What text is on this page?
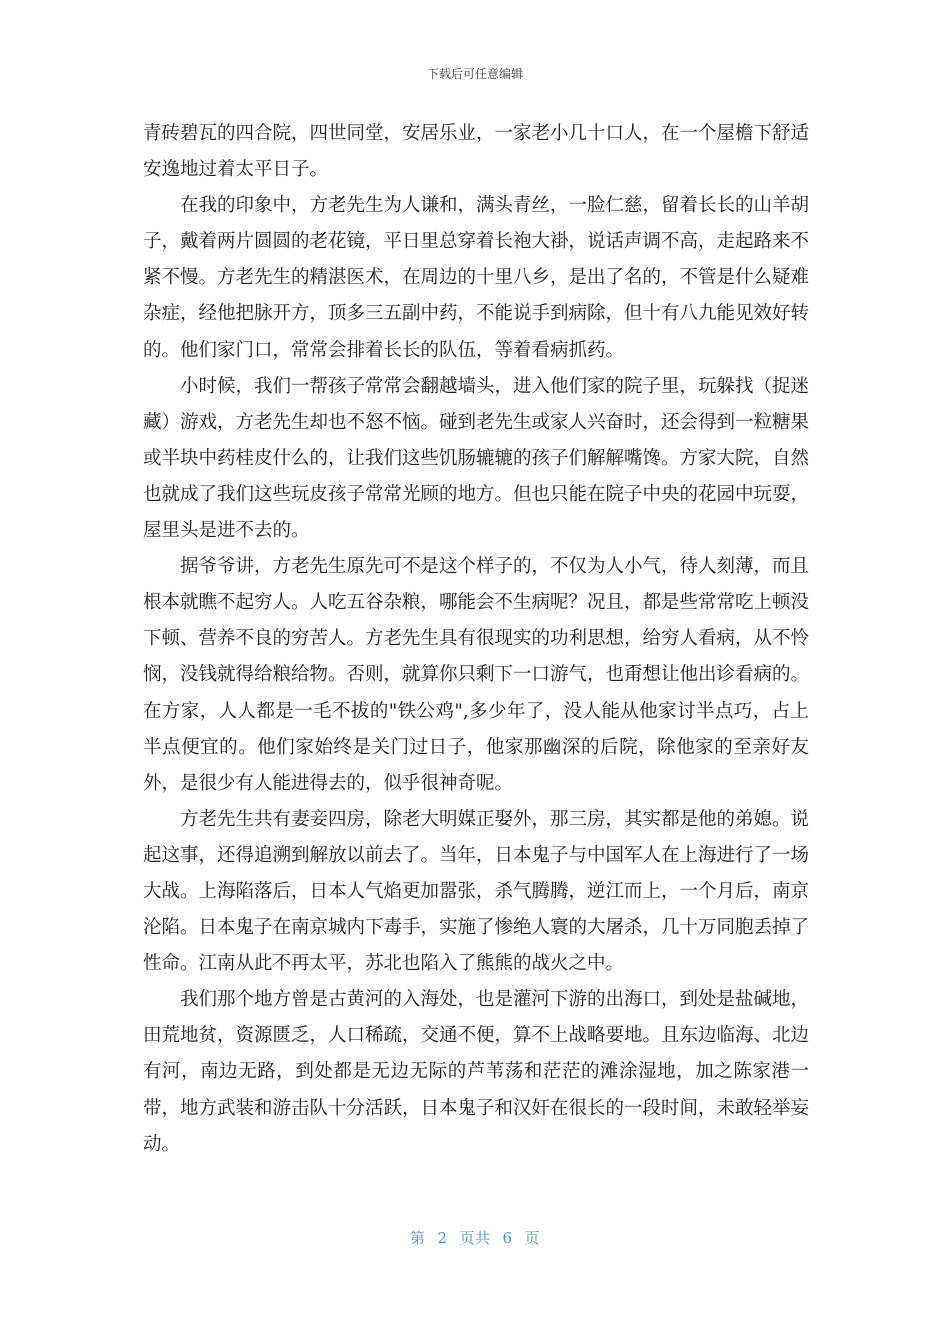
下载后可任意编辑

青砖碧瓦的四合院，四世同堂，安居乐业，一家老小几十口人，在一个屋檐下舒适安逸地过着太平日子。

在我的印象中，方老先生为人谦和，满头青丝，一脸仁慈，留着长长的山羊胡子，戴着两片圆圆的老花镜，平日里总穿着长袍大褂，说话声调不高，走起路来不紧不慢。方老先生的精湛医术，在周边的十里八乡，是出了名的，不管是什么疑难杂症，经他把脉开方，顶多三五副中药，不能说手到病除，但十有八九能见效好转的。他们家门口，常常会排着长长的队伍，等着看病抓药。

小时候，我们一帮孩子常常会翻越墙头，进入他们家的院子里，玩躲找（捉迷藏）游戏，方老先生却也不怒不恼。碰到老先生或家人兴奋时，还会得到一粒糖果或半块中药桂皮什么的，让我们这些饥肠辘辘的孩子们解解嘴馋。方家大院，自然也就成了我们这些玩皮孩子常常光顾的地方。但也只能在院子中央的花园中玩耍，屋里头是进不去的。

据爷爷讲，方老先生原先可不是这个样子的，不仅为人小气，待人刻薄，而且根本就瞧不起穷人。人吃五谷杂粮，哪能会不生病呢？况且，都是些常常吃上顿没下顿、营养不良的穷苦人。方老先生具有很现实的功利思想，给穷人看病，从不怜悯，没钱就得给粮给物。否则，就算你只剩下一口游气，也甭想让他出诊看病的。在方家，人人都是一毛不拔的"铁公鸡",多少年了，没人能从他家讨半点巧，占上半点便宜的。他们家始终是关门过日子，他家那幽深的后院，除他家的至亲好友外，是很少有人能进得去的，似乎很神奇呢。

方老先生共有妻妾四房，除老大明媒正娶外，那三房，其实都是他的弟媳。说起这事，还得追溯到解放以前去了。当年，日本鬼子与中国军人在上海进行了一场大战。上海陷落后，日本人气焰更加嚣张，杀气腾腾，逆江而上，一个月后，南京沦陷。日本鬼子在南京城内下毒手，实施了惨绝人寰的大屠杀，几十万同胞丢掉了性命。江南从此不再太平，苏北也陷入了熊熊的战火之中。

我们那个地方曾是古黄河的入海处，也是灌河下游的出海口，到处是盐碱地，田荒地贫，资源匮乏，人口稀疏，交通不便，算不上战略要地。且东边临海、北边有河，南边无路，到处都是无边无际的芦苇荡和茫茫的滩涂湿地，加之陈家港一带，地方武装和游击队十分活跃，日本鬼子和汉奸在很长的一段时间，未敢轻举妄动。

第 2 页共 6 页
